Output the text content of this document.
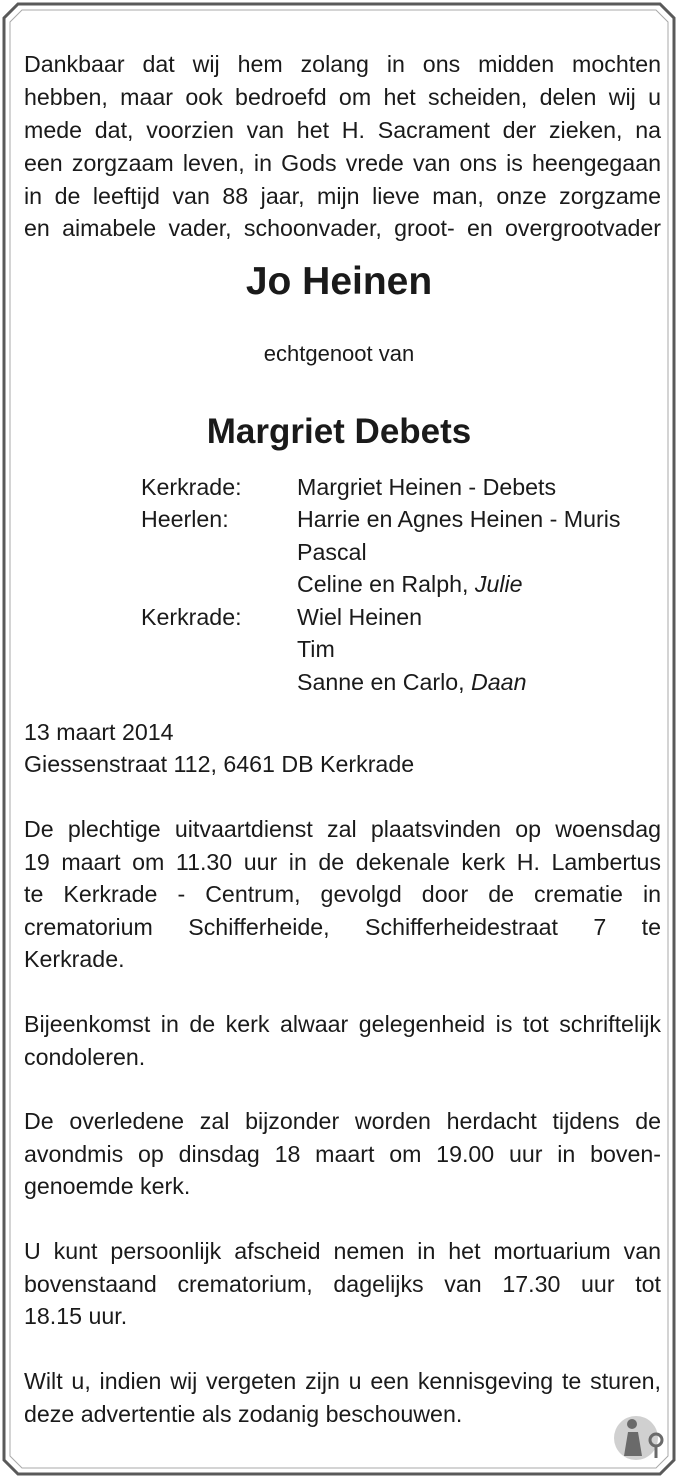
Dankbaar dat wij hem zolang in ons midden mochten

hebben, maar ook bedroefd om het scheiden, delen wij u

mede dat, voorzien van het H. Sacrament der zieken, na

een zorgzaam leven, in Gods vrede van ons is heengegaan

in de leeftijd van 88 jaar, mijn lieve man, onze zorgzame

en aimabele vader, schoonvader, groot- en overgrootvader

Jo Heinen

echtgenoot van

Margriet Debets

Kerkrade: Margriet Heinen - Debets

Heerlen:	Harrie en Agnes Heinen - Muris

Pascal

Celine en Ralph, Julie

Kerkrade: Wiel Heinen

Tim

Sanne en Carlo, Daan

13 maart 2014

Giessenstraat 112, 6461 DB Kerkrade

De plechtige uitvaartdienst zal plaatsvinden op woensdag

19 maart om 11.30 uur in de dekenale kerk H. Lambertus

te Kerkrade - Centrum, gevolgd door de crematie in

crematorium Schifferheide, Schifferheidestraat 7 te

Kerkrade.

Bijeenkomst in de kerk alwaar gelegenheid is tot schriftelijk

condoleren.

De overledene zal bijzonder worden herdacht tijdens de

avondmis op dinsdag 18 maart om 19.00 uur in boven-

genoemde kerk.

U kunt persoonlijk afscheid nemen in het mortuarium van

bovenstaand crematorium, dagelijks van 17.30 uur tot

18.15 uur.

Wilt u, indien wij vergeten zijn u een kennisgeving te sturen,

deze advertentie als zodanig beschouwen.
